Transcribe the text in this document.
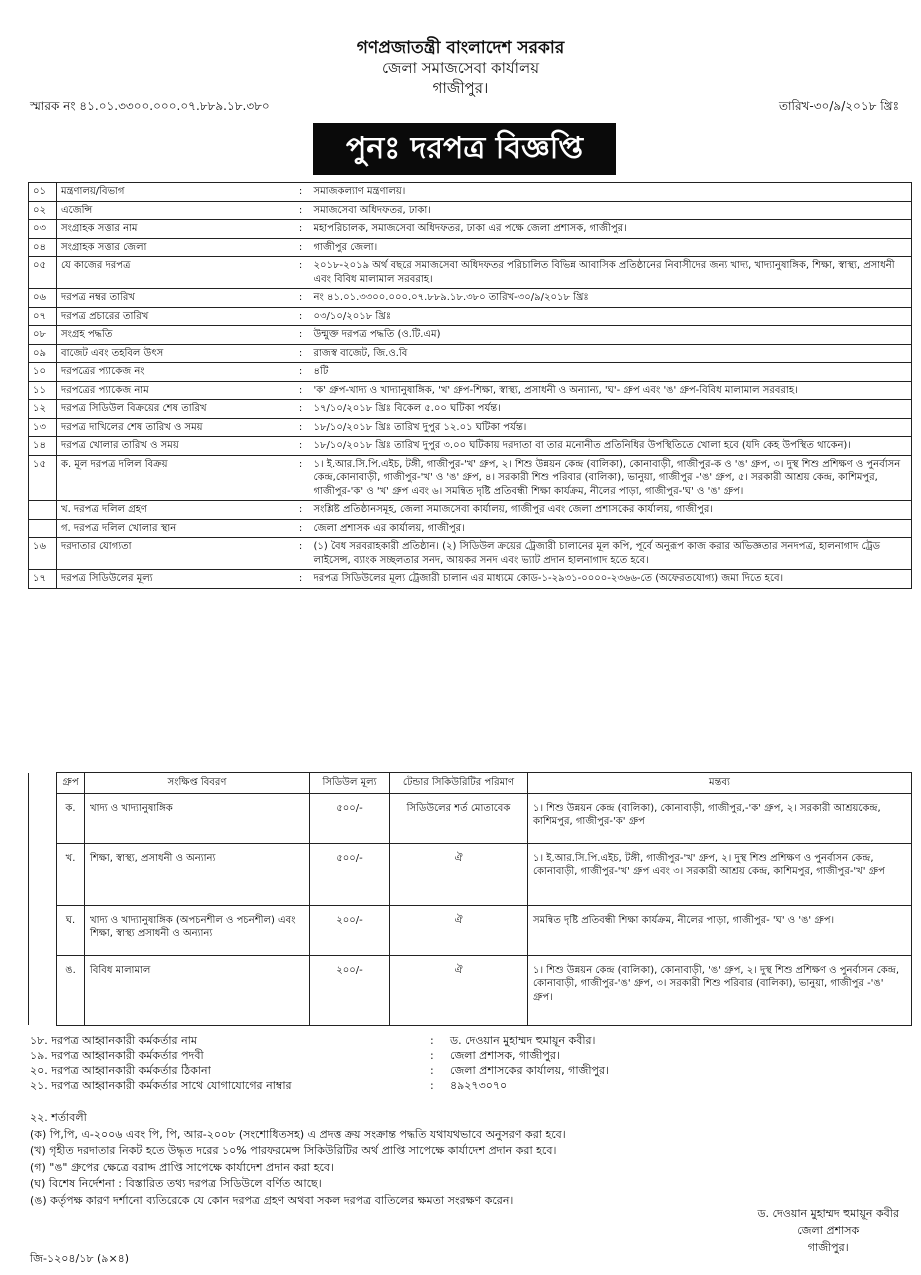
গণপ্রজাতন্ত্রী বাংলাদেশ সরকার
জেলা সমাজসেবা কার্যালয়
গাজীপুর।
স্মারক নং ৪১.০১.৩৩০০.০০০.০৭.৮৮৯.১৮.৩৮০	তারিখ-৩০/৯/২০১৮ খ্রিঃ
পুনঃ দরপত্র বিজ্ঞপ্তি
০১	মন্ত্রণালয়/বিভাগ	:	সমাজকল্যাণ মন্ত্রণালয়।
০২	এজেন্সি	:	সমাজসেবা অধিদফতর, ঢাকা।
০৩	সংগ্রাহক সত্তার নাম	:	মহাপরিচালক, সমাজসেবা অধিদফতর, ঢাকা এর পক্ষে জেলা প্রশাসক, গাজীপুর।
০৪	সংগ্রাহক সত্তার জেলা	:	গাজীপুর জেলা।
০৫	যে কাজের দরপত্র	:	২০১৮-২০১৯ অর্থ বছরে সমাজসেবা অধিদফতর পরিচালিত বিভিন্ন আবাসিক প্রতিষ্ঠানের নিবাসীদের জন্য খাদ্য, খাদ্যানুষাঙ্গিক, শিক্ষা, স্বাস্থ্য, প্রসাধনী এবং বিবিধ মালামাল সরবরাহ।
০৬	দরপত্র নম্বর তারিখ	:	নং ৪১.০১.৩৩০০.০০০.০৭.৮৮৯.১৮.৩৮০ তারিখ-৩০/৯/২০১৮ খ্রিঃ
০৭	দরপত্র প্রচারের তারিখ	:	০৩/১০/২০১৮ খ্রিঃ
০৮	সংগ্রহ পদ্ধতি	:	উন্মুক্ত দরপত্র পদ্ধতি (ও.টি.এম)
০৯	বাজেট এবং তহবিল উৎস	:	রাজস্ব বাজেট, জি.ও.বি
১০	দরপত্রের প্যাকেজ নং	:	৪টি
১১	দরপত্রের প্যাকেজ নাম	:	'ক' গ্রুপ-খাদ্য ও খাদ্যানুষাঙ্গিক, 'খ' গ্রুপ-শিক্ষা, স্বাস্থ্য, প্রসাধনী ও অন্যান্য, 'ঘ'- গ্রুপ এবং 'ঙ' গ্রুপ-বিবিধ মালামাল সরবরাহ।
১২	দরপত্র সিডিউল বিক্রয়ের শেষ তারিখ	:	১৭/১০/২০১৮ খ্রিঃ বিকেল ৫.০০ ঘটিকা পর্যন্ত।
১৩	দরপত্র দাখিলের শেষ তারিখ ও সময়	:	১৮/১০/২০১৮ খ্রিঃ তারিখ দুপুর ১২.০১ ঘটিকা পর্যন্ত।
১৪	দরপত্র খোলার তারিখ ও সময়	:	১৮/১০/২০১৮ খ্রিঃ তারিখ দুপুর ৩.০০ ঘটিকায় দরদাতা বা তার মনোনীত প্রতিনিধির উপস্থিতিতে খোলা হবে (যদি কেহ উপস্থিত থাকেন)।
১৫	ক. মূল দরপত্র দলিল বিক্রয়	:	১। ই.আর.সি.পি.এইচ, টঙ্গী, গাজীপুর-'খ' গ্রুপ, ২। শিশু উন্নয়ন কেন্দ্র (বালিকা), কোনাবাড়ী, গাজীপুর-ক ও 'ঙ' গ্রুপ, ৩। দুস্থ শিশু প্রশিক্ষণ ও পুনর্বাসন কেন্দ্র,কোনাবাড়ী, গাজীপুর-'খ' ও 'ঙ' গ্রুপ, ৪। সরকারী শিশু পরিবার (বালিকা), ভানুয়া, গাজীপুর -'ঙ' গ্রুপ, ৫। সরকারী আশ্রয় কেন্দ্র, কাশিমপুর, গাজীপুর-'ক' ও 'খ' গ্রুপ এবং ৬। সমন্বিত দৃষ্টি প্রতিবন্ধী শিক্ষা কার্যক্রম, নীলের পাড়া, গাজীপুর-'ঘ' ও 'ঙ' গ্রুপ।
	খ. দরপত্র দলিল গ্রহণ	:	সংশ্লিষ্ট প্রতিষ্ঠানসমূহ, জেলা সমাজসেবা কার্যালয়, গাজীপুর এবং জেলা প্রশাসকের কার্যালয়, গাজীপুর।
	গ. দরপত্র দলিল খোলার স্থান	:	জেলা প্রশাসক এর কার্যালয়, গাজীপুর।
১৬	দরদাতার যোগ্যতা	:	(১) বৈধ সরবরাহকারী প্রতিষ্ঠান। (২) সিডিউল ক্রয়ের ট্রেজারী চালানের মূল কপি, পূর্বে অনুরূপ কাজ করার অভিজ্ঞতার সনদপত্র, হালনাগাদ ট্রেড লাইসেন্স, ব্যাংক সচ্ছলতার সনদ, আয়কর সনদ এবং ভ্যাট প্রদান হালনাগাদ হতে হবে।
১৭	দরপত্র সিডিউলের মূল্য	:	দরপত্র সিডিউলের মূল্য ট্রেজারী চালান এর মাধ্যমে কোড-১-২৯৩১-০০০০-২৩৬৬-তে (অফেরতযোগ্য) জমা দিতে হবে।
	গ্রুপ	সংক্ষিপ্ত বিবরণ	সিডিউল মূল্য	টেন্ডার সিকিউরিটির পরিমাণ	মন্তব্য
	ক.	খাদ্য ও খাদ্যানুষাঙ্গিক	৫০০/-	সিডিউলের শর্ত মোতাবেক	১। শিশু উন্নয়ন কেন্দ্র (বালিকা), কোনাবাড়ী, গাজীপুর,-'ক' গ্রুপ, ২। সরকারী আশ্রয়কেন্দ্র, কাশিমপুর, গাজীপুর-'ক' গ্রুপ
	খ.	শিক্ষা, স্বাস্থ্য, প্রসাধনী ও অন্যান্য	৫০০/-	ঐ	১। ই.আর.সি.পি.এইচ, টঙ্গী, গাজীপুর-'খ' গ্রুপ, ২। দুস্থ শিশু প্রশিক্ষণ ও পুনর্বাসন কেন্দ্র, কোনাবাড়ী, গাজীপুর-'খ' গ্রুপ এবং ৩। সরকারী আশ্রয় কেন্দ্র, কাশিমপুর, গাজীপুর-'খ' গ্রুপ
	ঘ.	খাদ্য ও খাদ্যানুষাঙ্গিক (অপচনশীল ও পচনশীল) এবং শিক্ষা, স্বাস্থ্য প্রসাধনী ও অন্যান্য	২০০/-	ঐ	সমন্বিত দৃষ্টি প্রতিবন্ধী শিক্ষা কার্যক্রম, নীলের পাড়া, গাজীপুর- 'ঘ' ও 'ঙ' গ্রুপ।
	ঙ.	বিবিধ মালামাল	২০০/-	ঐ	১। শিশু উন্নয়ন কেন্দ্র (বালিকা), কোনাবাড়ী, 'ঙ' গ্রুপ, ২। দুস্থ শিশু প্রশিক্ষণ ও পুনর্বাসন কেন্দ্র, কোনাবাড়ী, গাজীপুর-'ঙ' গ্রুপ, ৩। সরকারী শিশু পরিবার (বালিকা), ভানুয়া, গাজীপুর -'ঙ' গ্রুপ।
১৮. দরপত্র আহ্বানকারী কর্মকর্তার নাম	:	ড. দেওয়ান মুহাম্মদ হুমায়ূন কবীর।
১৯. দরপত্র আহ্বানকারী কর্মকর্তার পদবী	:	জেলা প্রশাসক, গাজীপুর।
২০. দরপত্র আহ্বানকারী কর্মকর্তার ঠিকানা	:	জেলা প্রশাসকের কার্যালয়, গাজীপুর।
২১. দরপত্র আহ্বানকারী কর্মকর্তার সাথে যোগাযোগের নাম্বার	:	৪৯২৭৩০৭০
২২. শর্তাবলী
(ক) পি,পি, এ-২০০৬ এবং পি, পি, আর-২০০৮ (সংশোধিতসহ) এ প্রদত্ত ক্রয় সংক্রান্ত পদ্ধতি যথাযথভাবে অনুসরণ করা হবে।
(খ) গৃহীত দরদাতার নিকট হতে উদ্ধৃত দরের ১০% পারফরমেন্স সিকিউরিটির অর্থ প্রাপ্তি সাপেক্ষে কার্যাদেশ প্রদান করা হবে।
(গ) "ঙ" গ্রুপের ক্ষেত্রে বরাদ্দ প্রাপ্তি সাপেক্ষে কার্যাদেশ প্রদান করা হবে।
(ঘ) বিশেষ নির্দেশনা : বিস্তারিত তথ্য দরপত্র সিডিউলে বর্ণিত আছে।
(ঙ) কর্তৃপক্ষ কারণ দর্শানো ব্যতিরেকে যে কোন দরপত্র গ্রহণ অথবা সকল দরপত্র বাতিলের ক্ষমতা সংরক্ষণ করেন।
ড. দেওয়ান মুহাম্মদ হুমায়ূন কবীর
জেলা প্রশাসক
গাজীপুর।
জি-১২০৪/১৮ (৯×৪)
